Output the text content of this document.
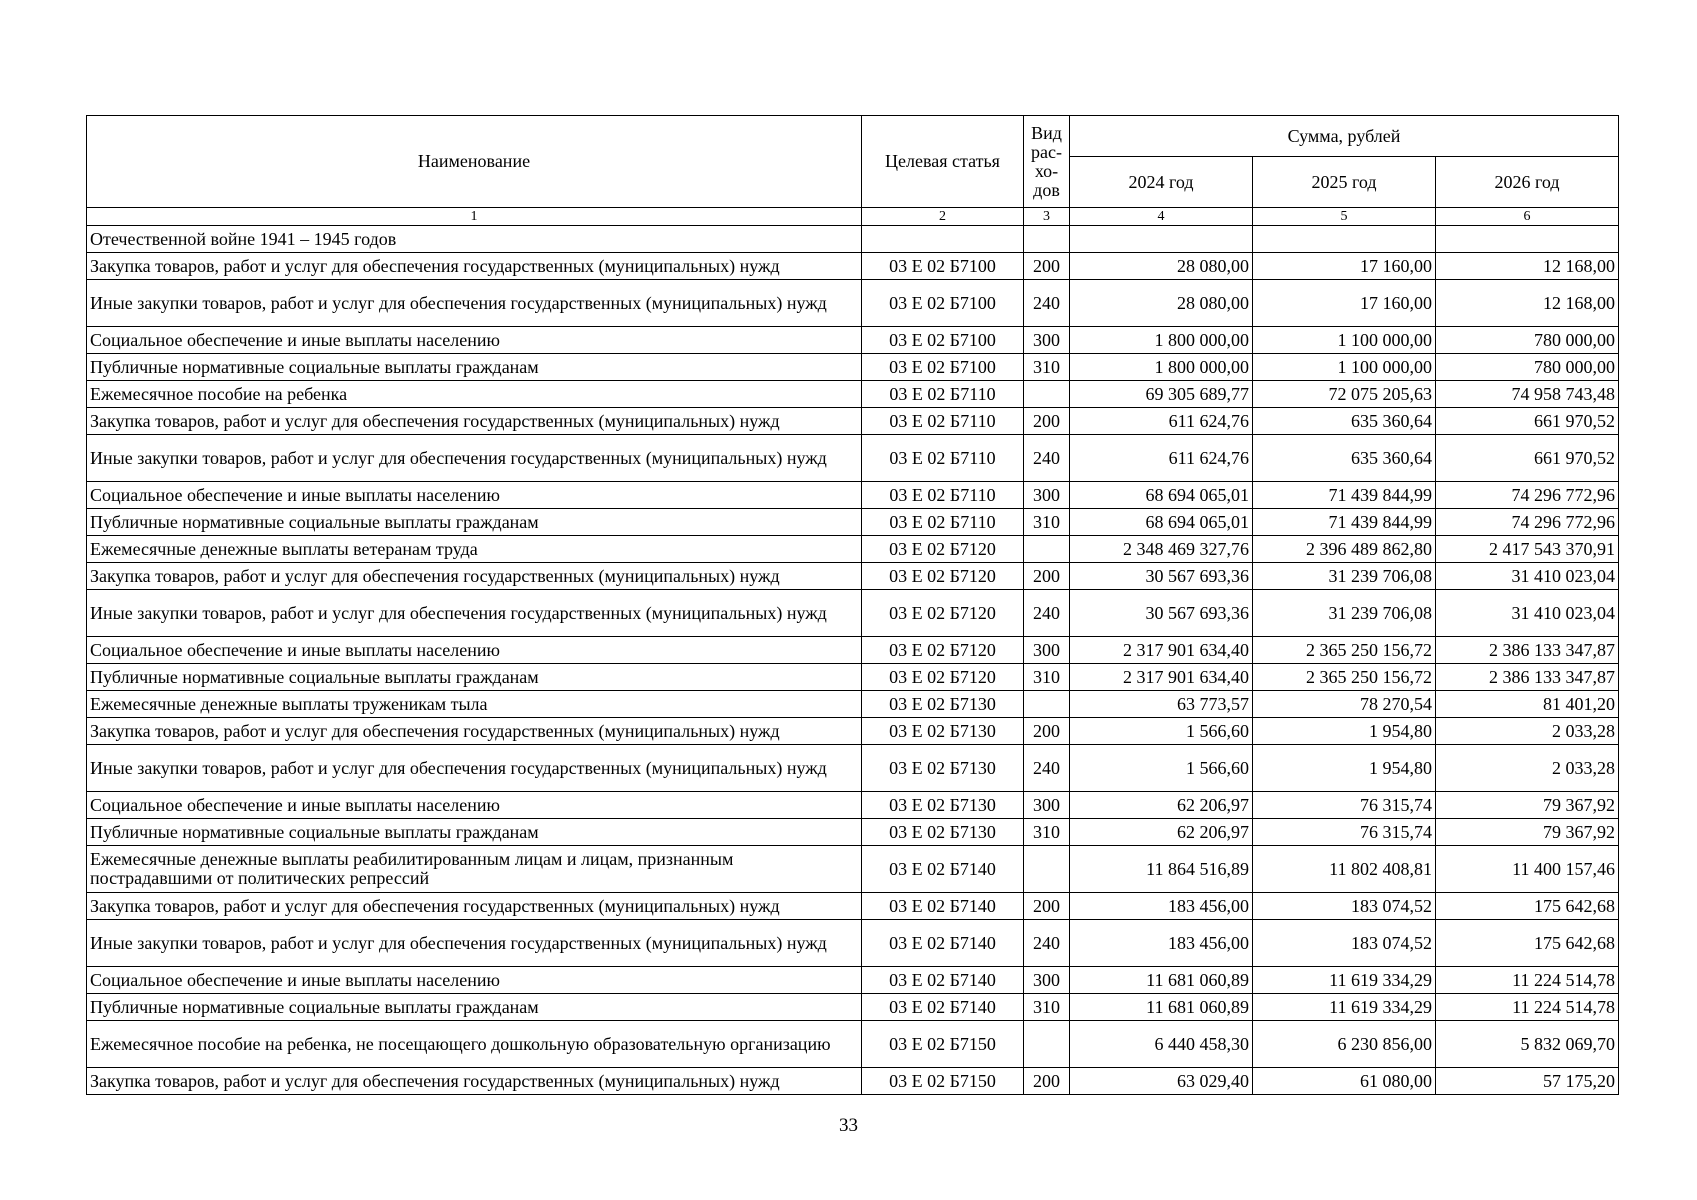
Наименование	Целевая статья	Вид рас-хо-дов	Сумма, рублей		
			2024 год	2025 год	2026 год
1	2	3	4	5	6
Отечественной войне 1941 – 1945 годов					
Закупка товаров, работ и услуг для обеспечения государственных (муниципальных) нужд	03 Е 02 Б7100	200	28 080,00	17 160,00	12 168,00
Иные закупки товаров, работ и услуг для обеспечения государственных (муниципальных) нужд	03 Е 02 Б7100	240	28 080,00	17 160,00	12 168,00
Социальное обеспечение и иные выплаты населению	03 Е 02 Б7100	300	1 800 000,00	1 100 000,00	780 000,00
Публичные нормативные социальные выплаты гражданам	03 Е 02 Б7100	310	1 800 000,00	1 100 000,00	780 000,00
Ежемесячное пособие на ребенка	03 Е 02 Б7110		69 305 689,77	72 075 205,63	74 958 743,48
Закупка товаров, работ и услуг для обеспечения государственных (муниципальных) нужд	03 Е 02 Б7110	200	611 624,76	635 360,64	661 970,52
Иные закупки товаров, работ и услуг для обеспечения государственных (муниципальных) нужд	03 Е 02 Б7110	240	611 624,76	635 360,64	661 970,52
Социальное обеспечение и иные выплаты населению	03 Е 02 Б7110	300	68 694 065,01	71 439 844,99	74 296 772,96
Публичные нормативные социальные выплаты гражданам	03 Е 02 Б7110	310	68 694 065,01	71 439 844,99	74 296 772,96
Ежемесячные денежные выплаты ветеранам труда	03 Е 02 Б7120		2 348 469 327,76	2 396 489 862,80	2 417 543 370,91
Закупка товаров, работ и услуг для обеспечения государственных (муниципальных) нужд	03 Е 02 Б7120	200	30 567 693,36	31 239 706,08	31 410 023,04
Иные закупки товаров, работ и услуг для обеспечения государственных (муниципальных) нужд	03 Е 02 Б7120	240	30 567 693,36	31 239 706,08	31 410 023,04
Социальное обеспечение и иные выплаты населению	03 Е 02 Б7120	300	2 317 901 634,40	2 365 250 156,72	2 386 133 347,87
Публичные нормативные социальные выплаты гражданам	03 Е 02 Б7120	310	2 317 901 634,40	2 365 250 156,72	2 386 133 347,87
Ежемесячные денежные выплаты труженикам тыла	03 Е 02 Б7130		63 773,57	78 270,54	81 401,20
Закупка товаров, работ и услуг для обеспечения государственных (муниципальных) нужд	03 Е 02 Б7130	200	1 566,60	1 954,80	2 033,28
Иные закупки товаров, работ и услуг для обеспечения государственных (муниципальных) нужд	03 Е 02 Б7130	240	1 566,60	1 954,80	2 033,28
Социальное обеспечение и иные выплаты населению	03 Е 02 Б7130	300	62 206,97	76 315,74	79 367,92
Публичные нормативные социальные выплаты гражданам	03 Е 02 Б7130	310	62 206,97	76 315,74	79 367,92
Ежемесячные денежные выплаты реабилитированным лицам и лицам, признанным пострадавшими от политических репрессий	03 Е 02 Б7140		11 864 516,89	11 802 408,81	11 400 157,46
Закупка товаров, работ и услуг для обеспечения государственных (муниципальных) нужд	03 Е 02 Б7140	200	183 456,00	183 074,52	175 642,68
Иные закупки товаров, работ и услуг для обеспечения государственных (муниципальных) нужд	03 Е 02 Б7140	240	183 456,00	183 074,52	175 642,68
Социальное обеспечение и иные выплаты населению	03 Е 02 Б7140	300	11 681 060,89	11 619 334,29	11 224 514,78
Публичные нормативные социальные выплаты гражданам	03 Е 02 Б7140	310	11 681 060,89	11 619 334,29	11 224 514,78
Ежемесячное пособие на ребенка, не посещающего дошкольную образовательную организацию	03 Е 02 Б7150		6 440 458,30	6 230 856,00	5 832 069,70
Закупка товаров, работ и услуг для обеспечения государственных (муниципальных) нужд	03 Е 02 Б7150	200	63 029,40	61 080,00	57 175,20
33
